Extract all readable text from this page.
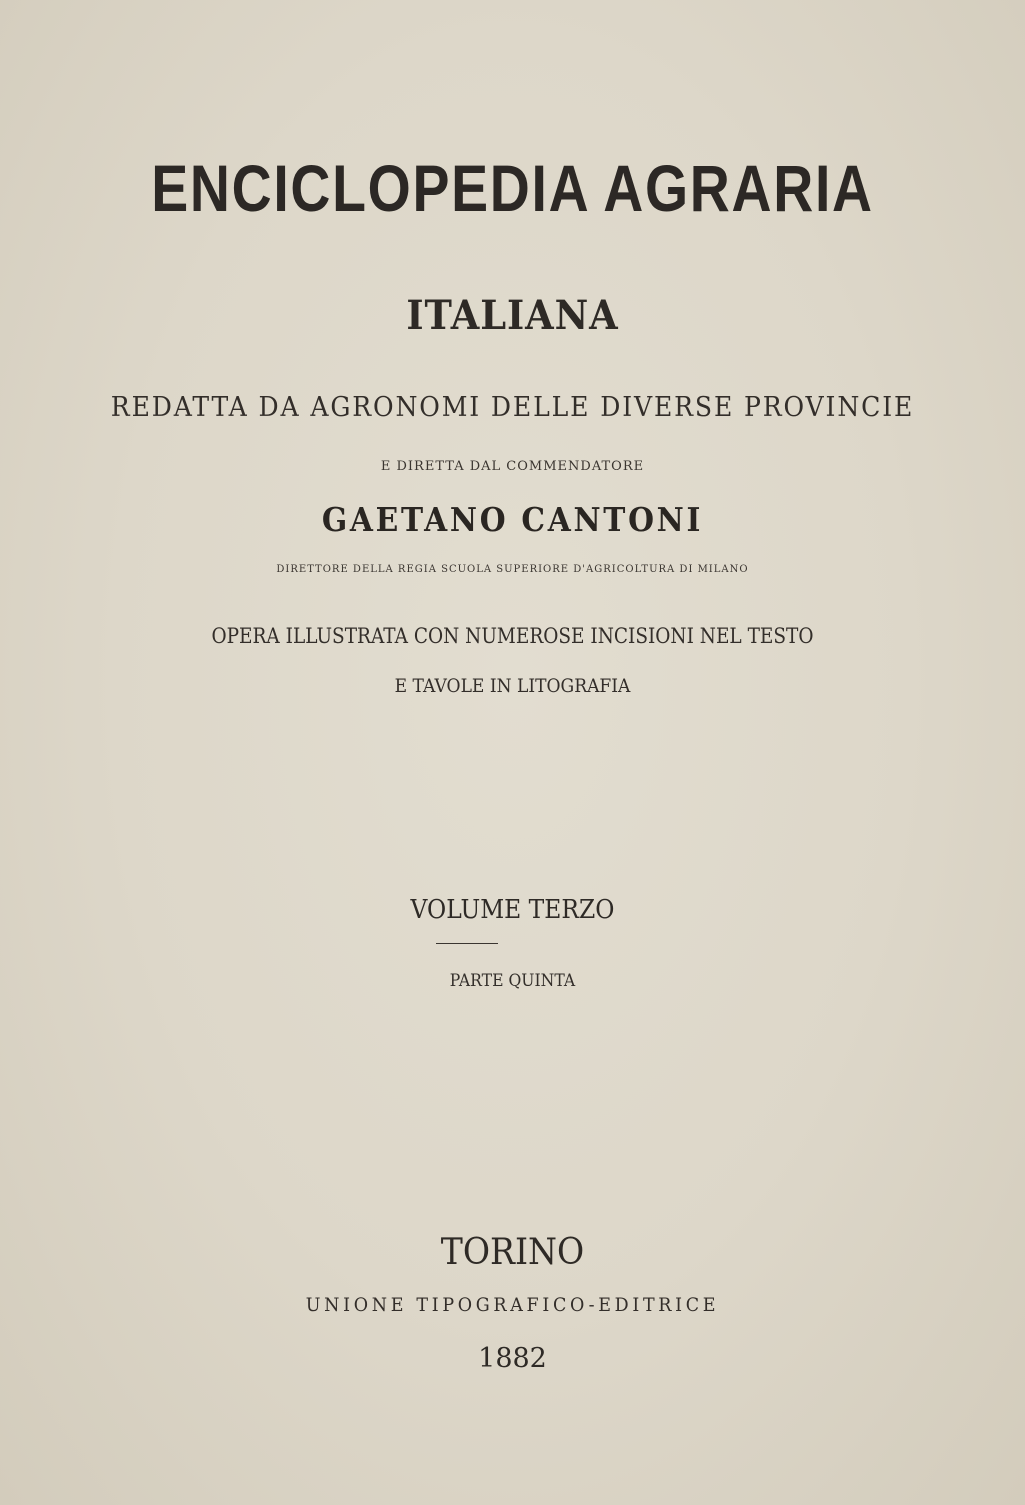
ENCICLOPEDIA AGRARIA
ITALIANA

REDATTA DA AGRONOMI DELLE DIVERSE PROVINCIE

E DIRETTA DAL COMMENDATORE

GAETANO CANTONI

DIRETTORE DELLA REGIA SCUOLA SUPERIORE D'AGRICOLTURA DI MILANO

OPERA ILLUSTRATA CON NUMEROSE INCISIONI NEL TESTO

E TAVOLE IN LITOGRAFIA

VOLUME TERZO

PARTE QUINTA

TORINO

UNIONE TIPOGRAFICO-EDITRICE

1882
